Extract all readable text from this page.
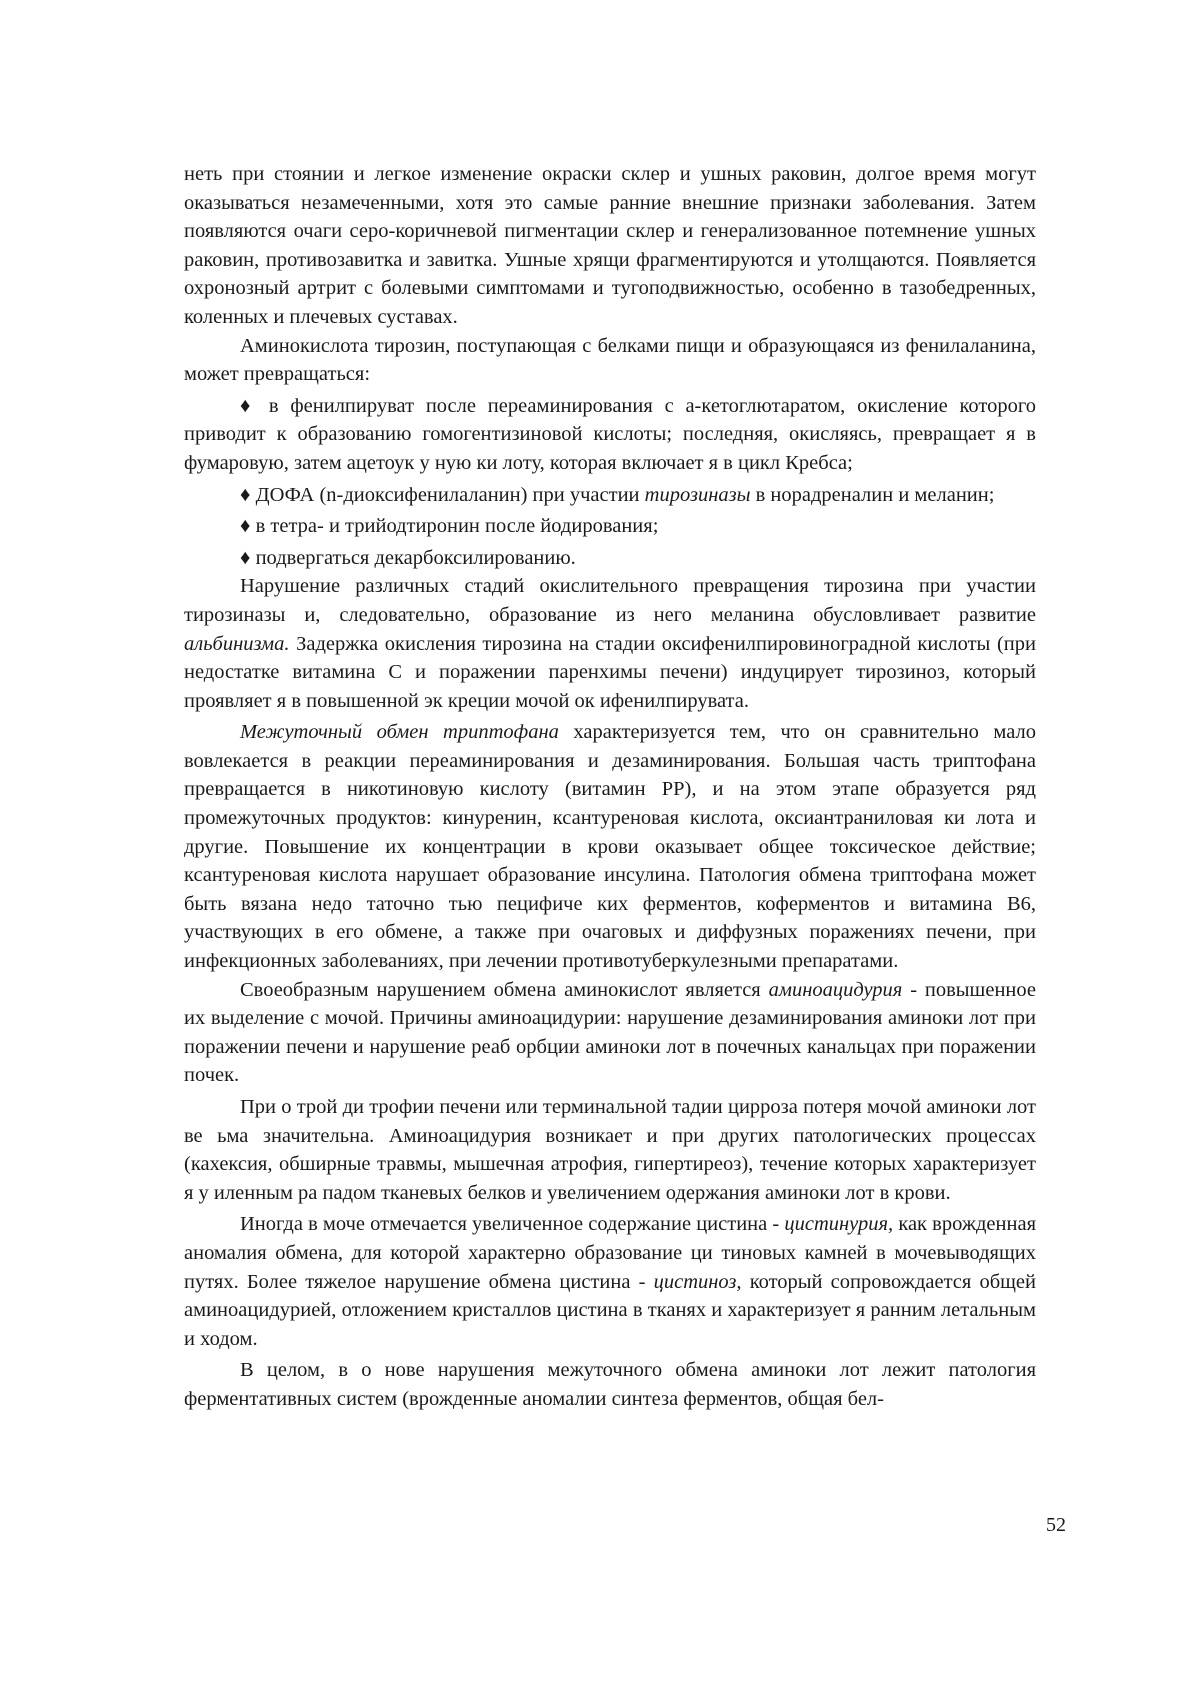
неть при стоянии и легкое изменение окраски склер и ушных раковин, долгое время могут оказываться незамеченными, хотя это самые ранние внешние признаки заболевания. Затем появляются очаги серо-коричневой пигментации склер и генерализованное потемнение ушных раковин, противозавитка и завитка. Ушные хрящи фрагментируются и утолщаются. Появляется охронозный артрит с болевыми симптомами и тугоподвижностью, особенно в тазобедренных, коленных и плечевых суставах.

Аминокислота тирозин, поступающая с белками пищи и образующаяся из фенилаланина, может превращаться:

♦ в фенилпируват после переаминирования с а-кетоглютаратом, окисление которого приводит к образованию гомогентизиновой кислоты; последняя, окисляясь, превращает я в фумаровую, затем ацетоук у ную ки лоту, которая включает я в цикл Кребса;

♦ ДОФА (n-диоксифенилаланин) при участии тирозиназы в норадреналин и меланин;

♦ в тетра- и трийодтиронин после йодирования;

♦ подвергаться декарбоксилированию.

Нарушение различных стадий окислительного превращения тирозина при участии тирозиназы и, следовательно, образование из него меланина обусловливает развитие альбинизма. Задержка окисления тирозина на стадии оксифенилпировиноградной кислоты (при недостатке витамина С и поражении паренхимы печени) индуцирует тирозиноз, который проявляет я в повышенной эк креции мочой ок ифенилпирувата.

Межуточный обмен триптофана характеризуется тем, что он сравнительно мало вовлекается в реакции переаминирования и дезаминирования. Большая часть триптофана превращается в никотиновую кислоту (витамин РР), и на этом этапе образуется ряд промежуточных продуктов: кинуренин, ксантуреновая кислота, оксиантраниловая ки лота и другие. Повышение их концентрации в крови оказывает общее токсическое действие; ксантуреновая кислота нарушает образование инсулина. Патология обмена триптофана может быть вязана недо таточно тью пецифиче ких ферментов, коферментов и витамина В6, участвующих в его обмене, а также при очаговых и диффузных поражениях печени, при инфекционных заболеваниях, при лечении противотуберкулезными препаратами.

Своеобразным нарушением обмена аминокислот является аминоацидурия - повышенное их выделение с мочой. Причины аминоацидурии: нарушение дезаминирования аминоки лот при поражении печени и нарушение реаб орбции аминоки лот в почечных канальцах при поражении почек.

При о трой ди трофии печени или терминальной тадии цирроза потеря мочой аминоки лот ве ьма значительна. Аминоацидурия возникает и при других патологических процессах (кахексия, обширные травмы, мышечная атрофия, гипертиреоз), течение которых характеризует я у иленным ра падом тканевых белков и увеличением одержания аминоки лот в крови.

Иногда в моче отмечается увеличенное содержание цистина - цистинурия, как врожденная аномалия обмена, для которой характерно образование ци тиновых камней в мочевыводящих путях. Более тяжелое нарушение обмена цистина - цистиноз, который сопровождается общей аминоацидурией, отложением кристаллов цистина в тканях и характеризует я ранним летальным и ходом.

В целом, в о нове нарушения межуточного обмена аминоки лот лежит патология ферментативных систем (врожденные аномалии синтеза ферментов, общая бел-

52
